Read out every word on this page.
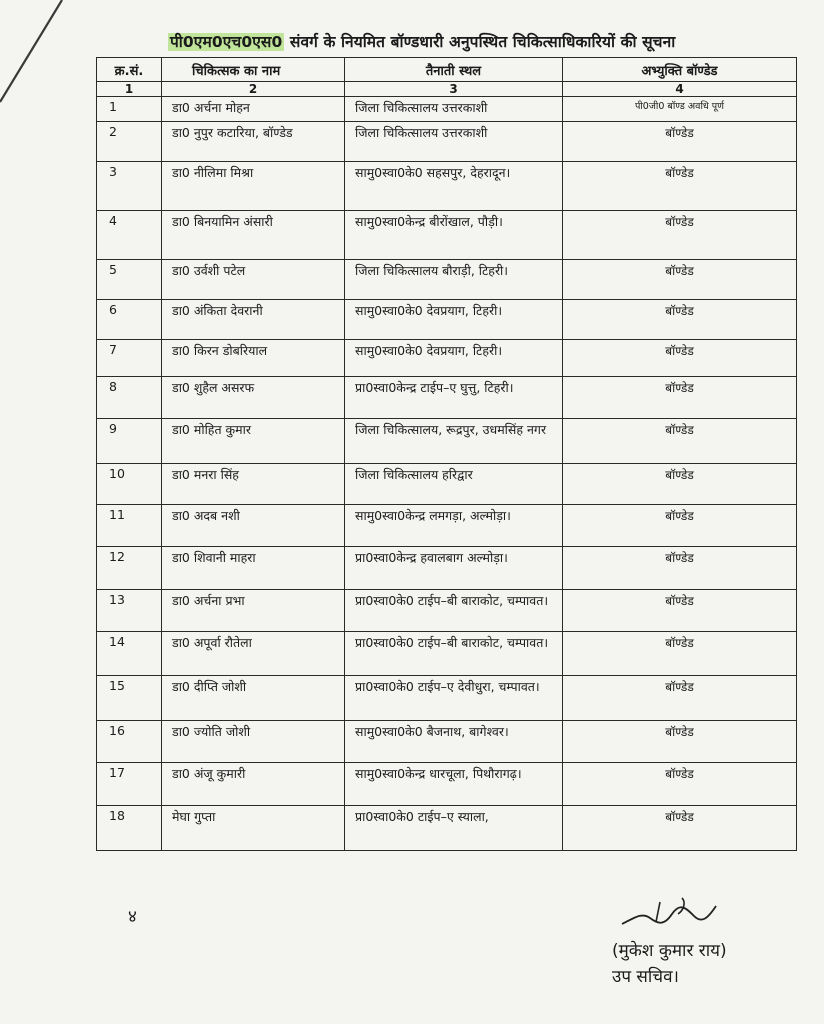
पी0एम0एच0एस0 संवर्ग के नियमित बॉण्डधारी अनुपस्थित चिकित्साधिकारियों की सूचना
क्र.सं.	चिकित्सक का नाम	तैनाती स्थल	अभ्युक्ति बॉण्डेड
1	2	3	4
1	डा0 अर्चना मोहन	जिला चिकित्सालय उत्तरकाशी	पी0जी0 बॉण्ड अवधि पूर्ण
2	डा0 नुपुर कटारिया, बॉण्डेड	जिला चिकित्सालय उत्तरकाशी	बॉण्डेड
3	डा0 नीलिमा मिश्रा	सामु0स्वा0के0 सहसपुर, देहरादून।	बॉण्डेड
4	डा0 बिनयामिन अंसारी	सामु0स्वा0केन्द्र बीरोंखाल, पौड़ी।	बॉण्डेड
5	डा0 उर्वशी पटेल	जिला चिकित्सालय बौराड़ी, टिहरी।	बॉण्डेड
6	डा0 अंकिता देवरानी	सामु0स्वा0के0 देवप्रयाग, टिहरी।	बॉण्डेड
7	डा0 किरन डोबरियाल	सामु0स्वा0के0 देवप्रयाग, टिहरी।	बॉण्डेड
8	डा0 शुहैल असरफ	प्रा0स्वा0केन्द्र टाईप–ए घुत्तु, टिहरी।	बॉण्डेड
9	डा0 मोहित कुमार	जिला चिकित्सालय, रूद्रपुर, उधमसिंह नगर	बॉण्डेड
10	डा0 मनरा सिंह	जिला चिकित्सालय हरिद्वार	बॉण्डेड
11	डा0 अदब नशी	सामु0स्वा0केन्द्र लमगड़ा, अल्मोड़ा।	बॉण्डेड
12	डा0 शिवानी माहरा	प्रा0स्वा0केन्द्र हवालबाग अल्मोड़ा।	बॉण्डेड
13	डा0 अर्चना प्रभा	प्रा0स्वा0के0 टाईप–बी बाराकोट, चम्पावत।	बॉण्डेड
14	डा0 अपूर्वा रौतेला	प्रा0स्वा0के0 टाईप–बी बाराकोट, चम्पावत।	बॉण्डेड
15	डा0 दीप्ति जोशी	प्रा0स्वा0के0 टाईप–ए देवीधुरा, चम्पावत।	बॉण्डेड
16	डा0 ज्योति जोशी	सामु0स्वा0के0 बैजनाथ, बागेश्वर।	बॉण्डेड
17	डा0 अंजू कुमारी	सामु0स्वा0केन्द्र धारचूला, पिथौरागढ़।	बॉण्डेड
18	मेघा गुप्ता	प्रा0स्वा0के0 टाईप–ए स्याला,	बॉण्डेड
४
(मुकेश कुमार राय)
उप सचिव।
